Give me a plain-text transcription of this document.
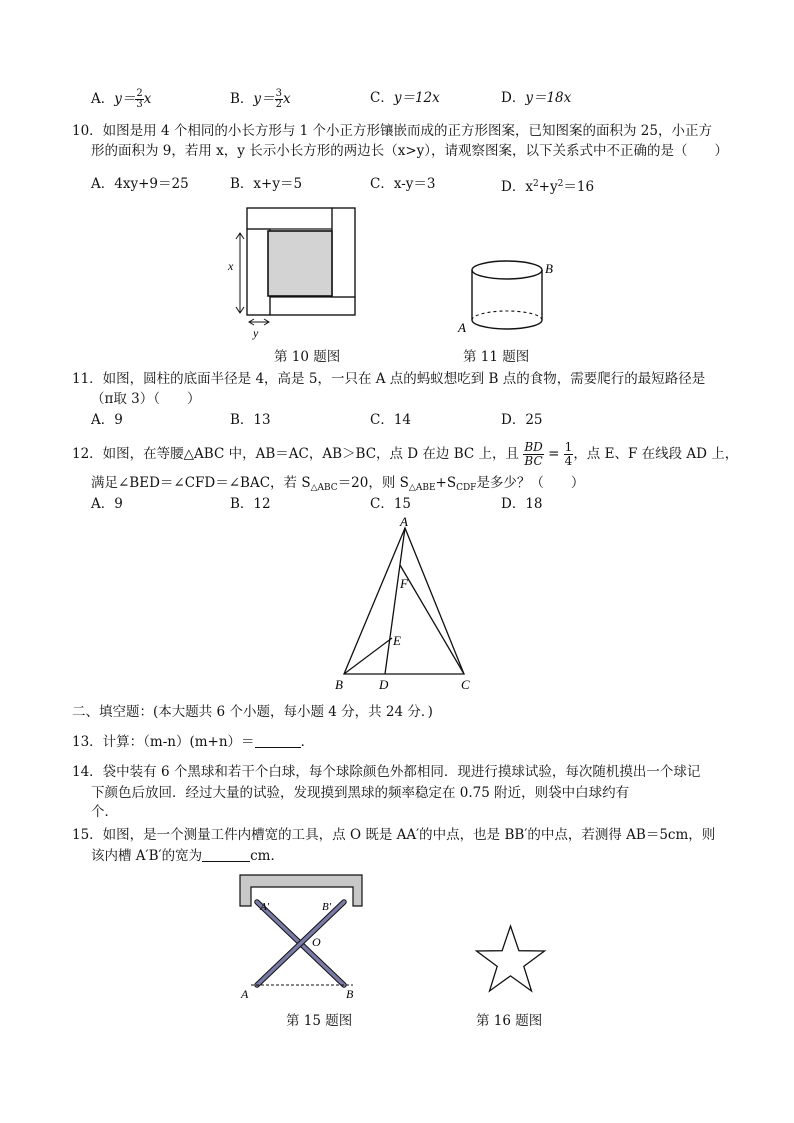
A．$y= \frac{2}{3}$ x	B．$y= \frac{3}{2}$ x	C．y＝12x	D．y＝18x
10．如图是用 4 个相同的小长方形与 1 个小正方形镶嵌而成的正方形图案，已知图案的面积为 25，小正方
形的面积为 9，若用 x，y 长示小长方形的两边长（x>y），请观察图案，以下关系式中不正确的是（　　）
A．4xy+9＝25	B．x+y＝5	C．x-y＝3	D．$x^2+y^2=16$
x
y
第 10 题图
B
A
第 11 题图
11．如图，圆柱的底面半径是 4，高是 5，一只在 A 点的蚂蚁想吃到 B 点的食物，需要爬行的最短路径是
（π取 3）（　　）
A．9	B．13	C．14	D．25
12．如图，在等腰△ABC 中，AB＝AC，AB＞BC，点 D 在边 BC 上，且 $\frac{BD}{BC} = \frac{1}{4}$ ，点 E、F 在线段 AD 上，
满足∠BED＝∠CFD＝∠BAC，若 $S_{\triangle ABC}=20$，则 $S_{\triangle ABE}+S_{CDF}$是多少？（　　）
A．9	B．12	C．15	D．18
A
B	D	C
E
F
二、填空题：(本大题共 6 个小题，每小题 4 分，共 24 分．)
13．计算：（m-n）(m+n）＝	．
14．袋中装有 6 个黑球和若干个白球，每个球除颜色外都相同．现进行摸球试验，每次随机摸出一个球记
下颜色后放回．经过大量的试验，发现摸到黑球的频率稳定在 0.75 附近，则袋中白球约有
个．
15．如图，是一个测量工件内槽宽的工具，点 O 既是 AA′的中点，也是 BB′的中点，若测得 AB＝5cm，则
该内槽 A′B′的宽为	cm．
A′	B′
O
A	B
第 15 题图	第 16 题图
